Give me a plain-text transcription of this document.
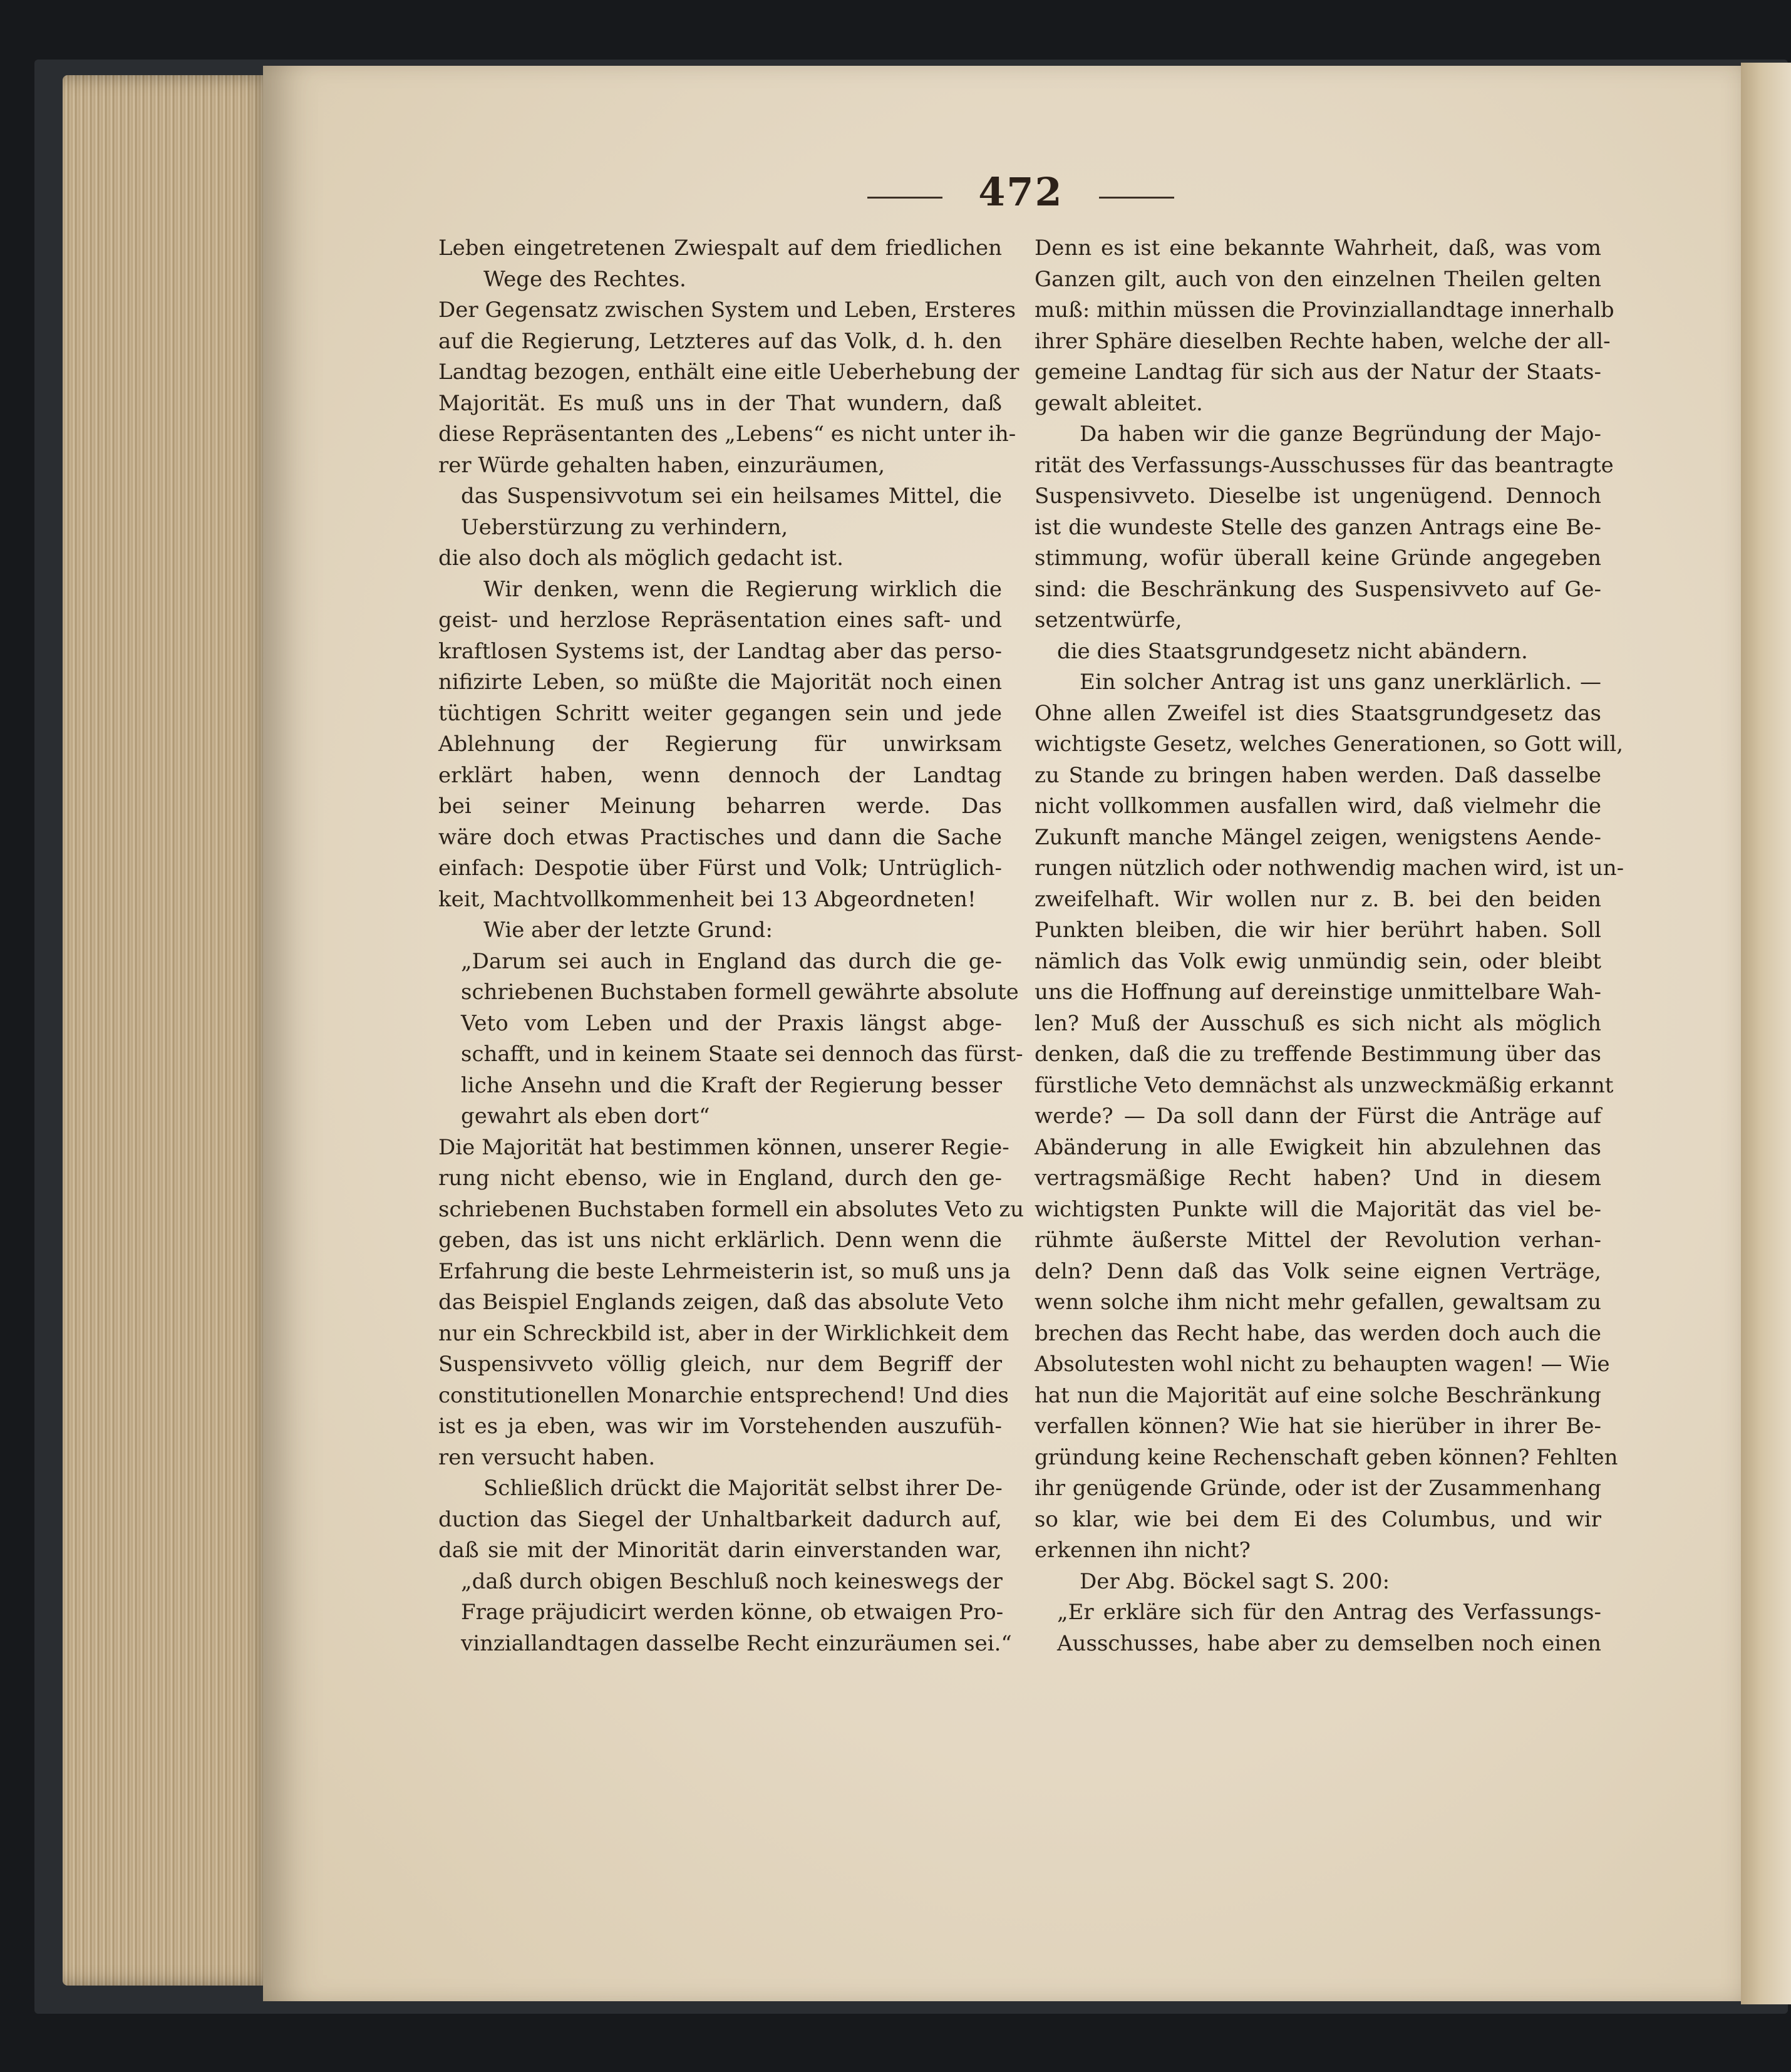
472
Leben eingetretenen Zwiespalt auf dem friedlichen
Wege des Rechtes.
Der Gegensatz zwischen System und Leben, Ersteres
auf die Regierung, Letzteres auf das Volk, d. h. den
Landtag bezogen, enthält eine eitle Ueberhebung der
Majorität. Es muß uns in der That wundern, daß
diese Repräsentanten des „Lebens“ es nicht unter ih-
rer Würde gehalten haben, einzuräumen,
das Suspensivvotum sei ein heilsames Mittel, die
Ueberstürzung zu verhindern,
die also doch als möglich gedacht ist.
Wir denken, wenn die Regierung wirklich die
geist- und herzlose Repräsentation eines saft- und
kraftlosen Systems ist, der Landtag aber das perso-
nifizirte Leben, so müßte die Majorität noch einen
tüchtigen Schritt weiter gegangen sein und jede
Ablehnung der Regierung für unwirksam
erklärt haben, wenn dennoch der Landtag
bei seiner Meinung beharren werde. Das
wäre doch etwas Practisches und dann die Sache
einfach: Despotie über Fürst und Volk; Untrüglich-
keit, Machtvollkommenheit bei 13 Abgeordneten!
Wie aber der letzte Grund:
„Darum sei auch in England das durch die ge-
schriebenen Buchstaben formell gewährte absolute
Veto vom Leben und der Praxis längst abge-
schafft, und in keinem Staate sei dennoch das fürst-
liche Ansehn und die Kraft der Regierung besser
gewahrt als eben dort“
Die Majorität hat bestimmen können, unserer Regie-
rung nicht ebenso, wie in England, durch den ge-
schriebenen Buchstaben formell ein absolutes Veto zu
geben, das ist uns nicht erklärlich. Denn wenn die
Erfahrung die beste Lehrmeisterin ist, so muß uns ja
das Beispiel Englands zeigen, daß das absolute Veto
nur ein Schreckbild ist, aber in der Wirklichkeit dem
Suspensivveto völlig gleich, nur dem Begriff der
constitutionellen Monarchie entsprechend! Und dies
ist es ja eben, was wir im Vorstehenden auszufüh-
ren versucht haben.
Schließlich drückt die Majorität selbst ihrer De-
duction das Siegel der Unhaltbarkeit dadurch auf,
daß sie mit der Minorität darin einverstanden war,
„daß durch obigen Beschluß noch keineswegs der
Frage präjudicirt werden könne, ob etwaigen Pro-
vinziallandtagen dasselbe Recht einzuräumen sei.“
Denn es ist eine bekannte Wahrheit, daß, was vom
Ganzen gilt, auch von den einzelnen Theilen gelten
muß: mithin müssen die Provinziallandtage innerhalb
ihrer Sphäre dieselben Rechte haben, welche der all-
gemeine Landtag für sich aus der Natur der Staats-
gewalt ableitet.
Da haben wir die ganze Begründung der Majo-
rität des Verfassungs-Ausschusses für das beantragte
Suspensivveto. Dieselbe ist ungenügend. Dennoch
ist die wundeste Stelle des ganzen Antrags eine Be-
stimmung, wofür überall keine Gründe angegeben
sind: die Beschränkung des Suspensivveto auf Ge-
setzentwürfe,
die dies Staatsgrundgesetz nicht abändern.
Ein solcher Antrag ist uns ganz unerklärlich. —
Ohne allen Zweifel ist dies Staatsgrundgesetz das
wichtigste Gesetz, welches Generationen, so Gott will,
zu Stande zu bringen haben werden. Daß dasselbe
nicht vollkommen ausfallen wird, daß vielmehr die
Zukunft manche Mängel zeigen, wenigstens Aende-
rungen nützlich oder nothwendig machen wird, ist un-
zweifelhaft. Wir wollen nur z. B. bei den beiden
Punkten bleiben, die wir hier berührt haben. Soll
nämlich das Volk ewig unmündig sein, oder bleibt
uns die Hoffnung auf dereinstige unmittelbare Wah-
len? Muß der Ausschuß es sich nicht als möglich
denken, daß die zu treffende Bestimmung über das
fürstliche Veto demnächst als unzweckmäßig erkannt
werde? — Da soll dann der Fürst die Anträge auf
Abänderung in alle Ewigkeit hin abzulehnen das
vertragsmäßige Recht haben? Und in diesem
wichtigsten Punkte will die Majorität das viel be-
rühmte äußerste Mittel der Revolution verhan-
deln? Denn daß das Volk seine eignen Verträge,
wenn solche ihm nicht mehr gefallen, gewaltsam zu
brechen das Recht habe, das werden doch auch die
Absolutesten wohl nicht zu behaupten wagen! — Wie
hat nun die Majorität auf eine solche Beschränkung
verfallen können? Wie hat sie hierüber in ihrer Be-
gründung keine Rechenschaft geben können? Fehlten
ihr genügende Gründe, oder ist der Zusammenhang
so klar, wie bei dem Ei des Columbus, und wir
erkennen ihn nicht?
Der Abg. Böckel sagt S. 200:
„Er erkläre sich für den Antrag des Verfassungs-
Ausschusses, habe aber zu demselben noch einen
